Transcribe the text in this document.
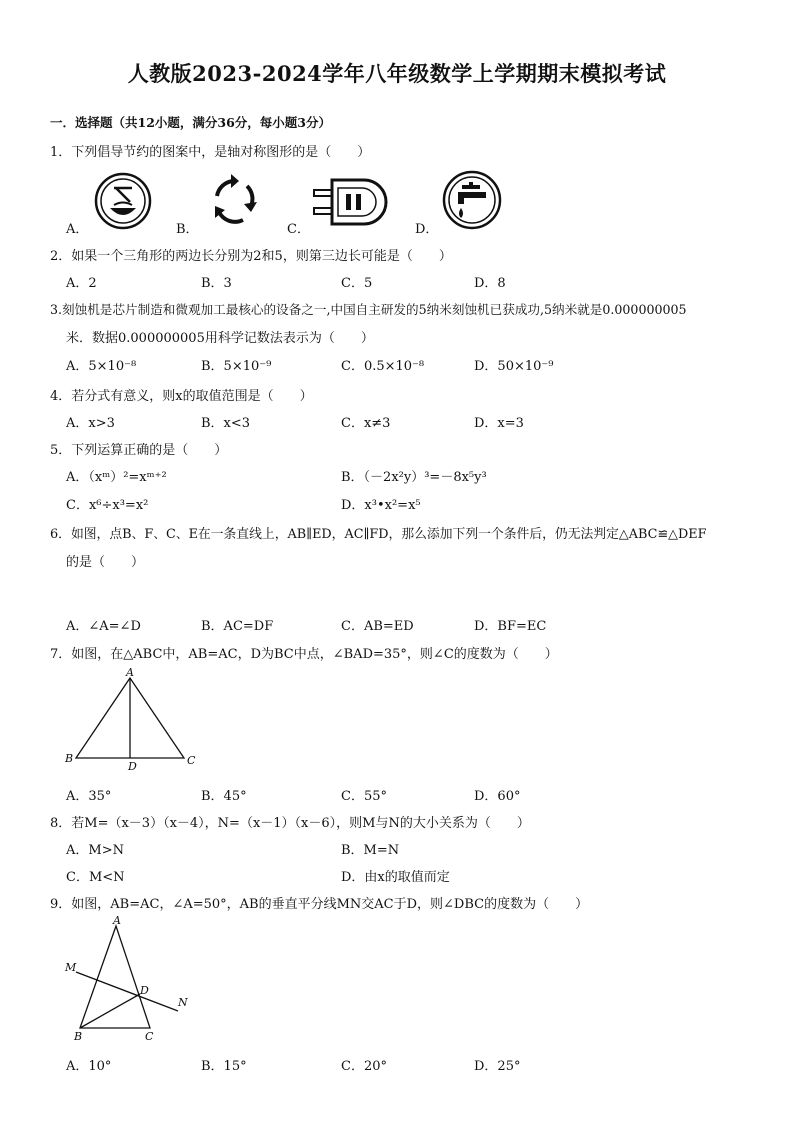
人教版2023-2024学年八年级数学上学期期末模拟考试
一．选择题（共12小题，满分36分，每小题3分）
1．下列倡导节约的图案中，是轴对称图形的是（　　）
A．	B．	C．	D．
2．如果一个三角形的两边长分别为2和5，则第三边长可能是（　　）
A．2	B．3	C．5	D．8
3.刻蚀机是芯片制造和微观加工最核心的设备之一,中国自主研发的5纳米刻蚀机已获成功,5纳米就是0.000000005
米．数据0.000000005用科学记数法表示为（　　）
A．5×10⁻⁸	B．5×10⁻⁹	C．0.5×10⁻⁸	D．50×10⁻⁹
4．若分式有意义，则x的取值范围是（　　）
A．x>3	B．x<3	C．x≠3	D．x=3
5．下列运算正确的是（　　）
A．（xᵐ）²=xᵐ⁺²	B．（－2x²y）³=－8x⁵y³
C．x⁶÷x³=x²	D．x³•x²=x⁵
6．如图，点B、F、C、E在一条直线上，AB∥ED，AC∥FD，那么添加下列一个条件后，仍无法判定△ABC≌△DEF
的是（　　）
A．∠A=∠D	B．AC=DF	C．AB=ED	D．BF=EC
7．如图，在△ABC中，AB=AC，D为BC中点，∠BAD=35°，则∠C的度数为（　　）
A
B
D	C
A．35°	B．45°	C．55°	D．60°
8．若M=（x－3）（x－4），N=（x－1）（x－6），则M与N的大小关系为（　　）
A．M>N	B．M=N
C．M<N	D．由x的取值而定
9．如图，AB=AC，∠A=50°，AB的垂直平分线MN交AC于D，则∠DBC的度数为（　　）
A
M
D
N
B	C
A．10°	B．15°	C．20°	D．25°
